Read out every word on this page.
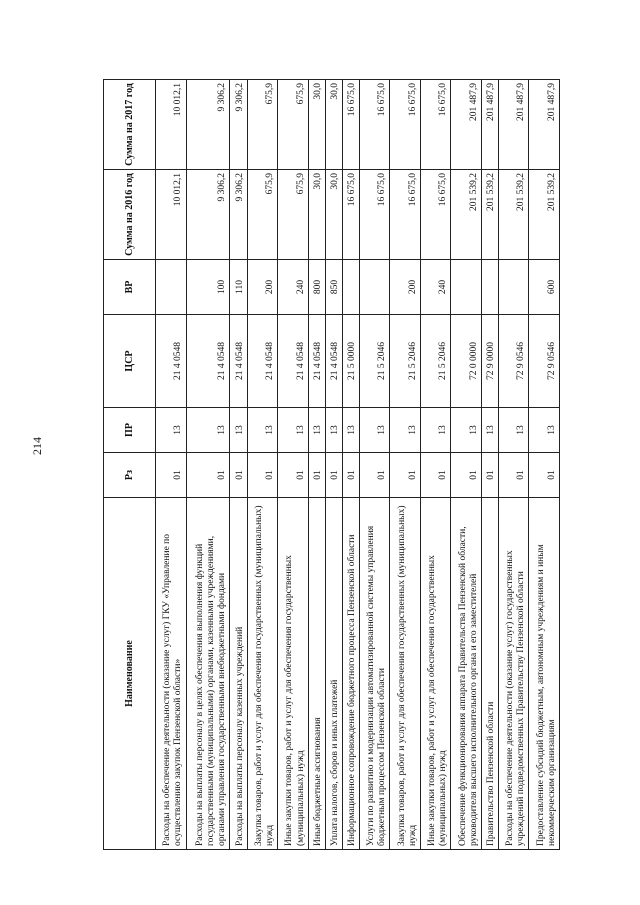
214
Наименование	Рз	ПР	ЦСР	ВР	Сумма на 2016 год	Сумма на 2017 год
Расходы на обеспечение деятельности (оказание услуг) ГКУ «Управление по осуществлению закупок Пензенской области»	01	13	21 4 0548		10 012,1	10 012,1
Расходы на выплаты персоналу в целях обеспечения выполнения функций государственными (муниципальными) органами, казенными учреждениями, органами управления государственными внебюджетными фондами	01	13	21 4 0548	100	9 306,2	9 306,2
Расходы на выплаты персоналу казенных учреждений	01	13	21 4 0548	110	9 306,2	9 306,2
Закупка товаров, работ и услуг для обеспечения государственных (муниципальных) нужд	01	13	21 4 0548	200	675,9	675,9
Иные закупки товаров, работ и услуг для обеспечения государственных (муниципальных) нужд	01	13	21 4 0548	240	675,9	675,9
Иные бюджетные ассигнования	01	13	21 4 0548	800	30,0	30,0
Уплата налогов, сборов и иных платежей	01	13	21 4 0548	850	30,0	30,0
Информационное сопровождение бюджетного процесса Пензенской области	01	13	21 5 0000		16 675,0	16 675,0
Услуги по развитию и модернизации автоматизированной системы управления бюджетным процессом Пензенской области	01	13	21 5 2046		16 675,0	16 675,0
Закупка товаров, работ и услуг для обеспечения государственных (муниципальных) нужд	01	13	21 5 2046	200	16 675,0	16 675,0
Иные закупки товаров, работ и услуг для обеспечения государственных (муниципальных) нужд	01	13	21 5 2046	240	16 675,0	16 675,0
Обеспечение функционирования аппарата Правительства Пензенской области, руководителя высшего исполнительного органа и его заместителей	01	13	72 0 0000		201 539,2	201 487,9
Правительство Пензенской области	01	13	72 9 0000		201 539,2	201 487,9
Расходы на обеспечение деятельности (оказание услуг) государственных учреждений подведомственных Правительству Пензенской области	01	13	72 9 0546		201 539,2	201 487,9
Предоставление субсидий бюджетным, автономным учреждениям и иным некоммерческим организациям	01	13	72 9 0546	600	201 539,2	201 487,9
